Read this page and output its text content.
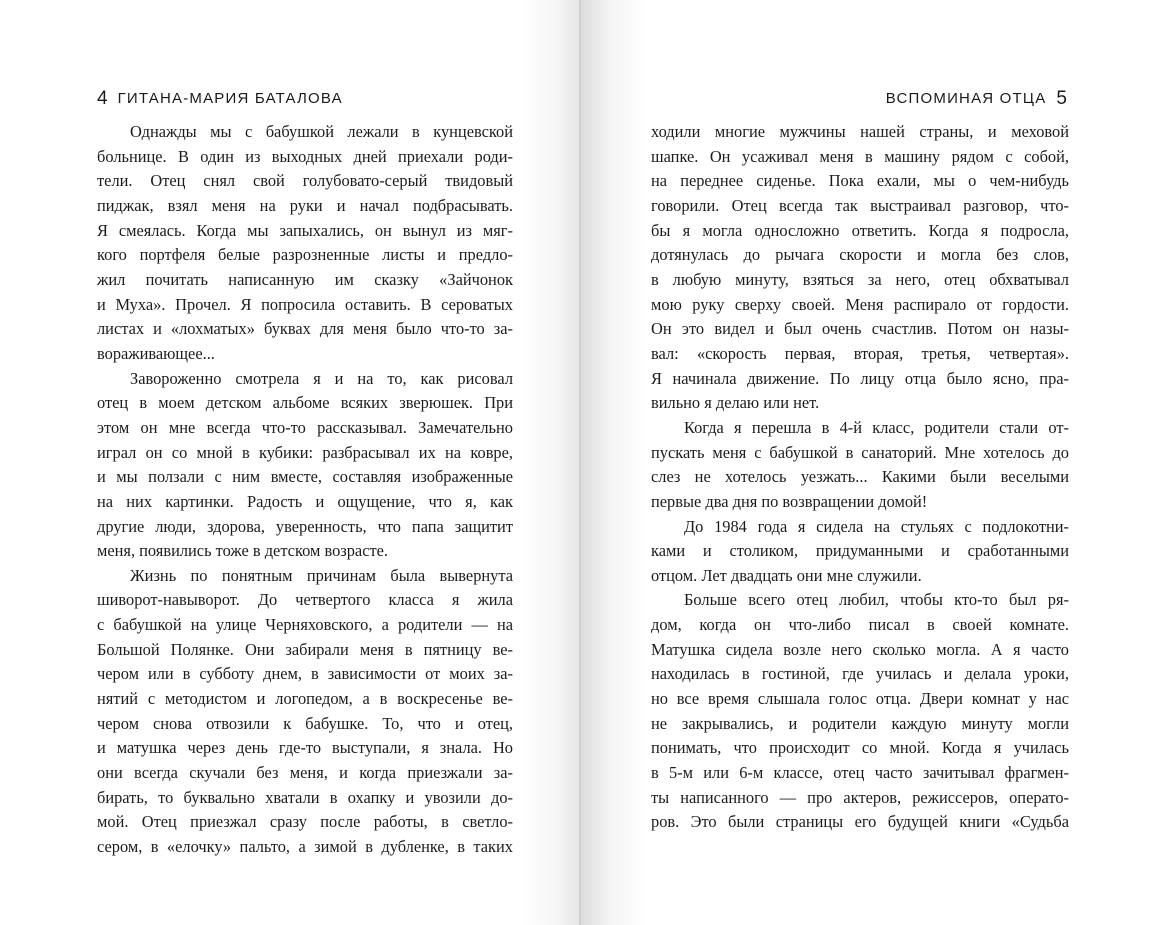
4 ГИТАНА-МАРИЯ БАТАЛОВА
Однажды мы с бабушкой лежали в кунцевской
больнице. В один из выходных дней приехали роди-
тели. Отец снял свой голубовато-серый твидовый
пиджак, взял меня на руки и начал подбрасывать.
Я смеялась. Когда мы запыхались, он вынул из мяг-
кого портфеля белые разрозненные листы и предло-
жил почитать написанную им сказку «Зайчонок
и Муха». Прочел. Я попросила оставить. В сероватых
листах и «лохматых» буквах для меня было что-то за-
вораживающее...
Завороженно смотрела я и на то, как рисовал
отец в моем детском альбоме всяких зверюшек. При
этом он мне всегда что-то рассказывал. Замечательно
играл он со мной в кубики: разбрасывал их на ковре,
и мы ползали с ним вместе, составляя изображенные
на них картинки. Радость и ощущение, что я, как
другие люди, здорова, уверенность, что папа защитит
меня, появились тоже в детском возрасте.
Жизнь по понятным причинам была вывернута
шиворот-навыворот. До четвертого класса я жила
с бабушкой на улице Черняховского, а родители — на
Большой Полянке. Они забирали меня в пятницу ве-
чером или в субботу днем, в зависимости от моих за-
нятий с методистом и логопедом, а в воскресенье ве-
чером снова отвозили к бабушке. То, что и отец,
и матушка через день где-то выступали, я знала. Но
они всегда скучали без меня, и когда приезжали за-
бирать, то буквально хватали в охапку и увозили до-
мой. Отец приезжал сразу после работы, в светло-
сером, в «елочку» пальто, а зимой в дубленке, в таких
ВСПОМИНАЯ ОТЦА 5
ходили многие мужчины нашей страны, и меховой
шапке. Он усаживал меня в машину рядом с собой,
на переднее сиденье. Пока ехали, мы о чем-нибудь
говорили. Отец всегда так выстраивал разговор, что-
бы я могла односложно ответить. Когда я подросла,
дотянулась до рычага скорости и могла без слов,
в любую минуту, взяться за него, отец обхватывал
мою руку сверху своей. Меня распирало от гордости.
Он это видел и был очень счастлив. Потом он назы-
вал: «скорость первая, вторая, третья, четвертая».
Я начинала движение. По лицу отца было ясно, пра-
вильно я делаю или нет.
Когда я перешла в 4-й класс, родители стали от-
пускать меня с бабушкой в санаторий. Мне хотелось до
слез не хотелось уезжать... Какими были веселыми
первые два дня по возвращении домой!
До 1984 года я сидела на стульях с подлокотни-
ками и столиком, придуманными и сработанными
отцом. Лет двадцать они мне служили.
Больше всего отец любил, чтобы кто-то был ря-
дом, когда он что-либо писал в своей комнате.
Матушка сидела возле него сколько могла. А я часто
находилась в гостиной, где училась и делала уроки,
но все время слышала голос отца. Двери комнат у нас
не закрывались, и родители каждую минуту могли
понимать, что происходит со мной. Когда я училась
в 5-м или 6-м классе, отец часто зачитывал фрагмен-
ты написанного — про актеров, режиссеров, операто-
ров. Это были страницы его будущей книги «Судьба
